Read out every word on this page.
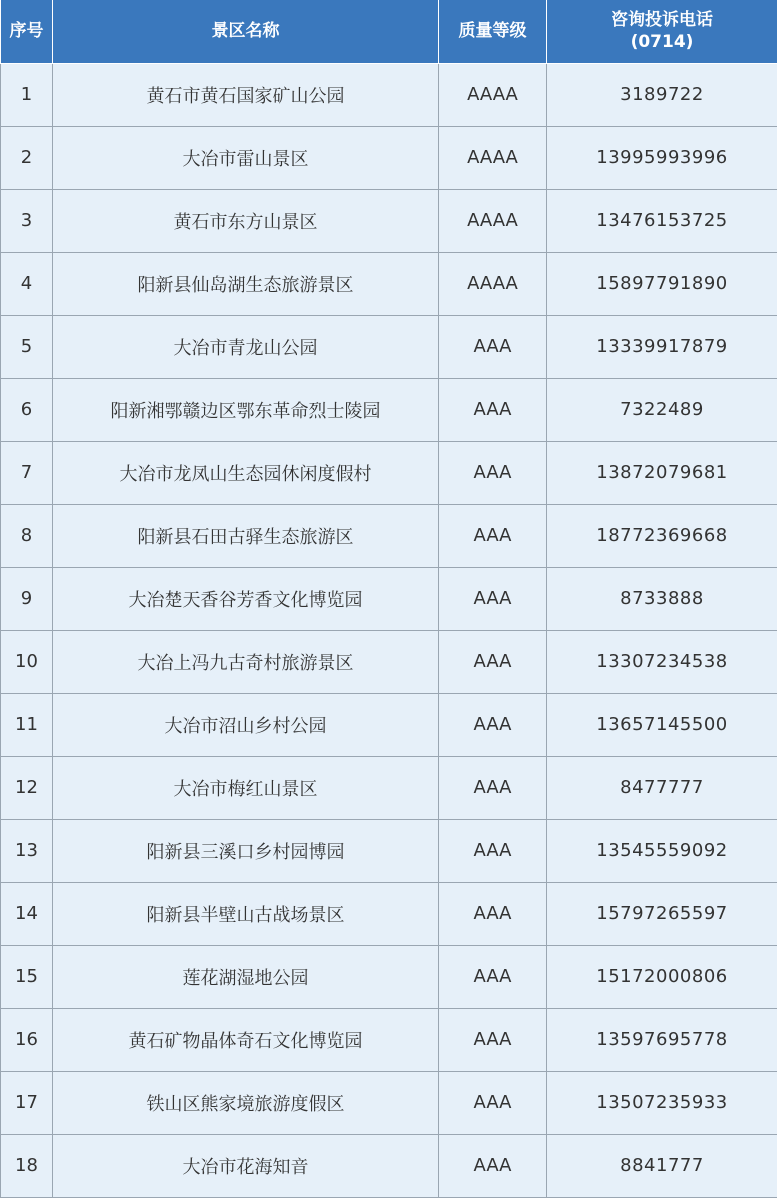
序号	景区名称	质量等级	咨询投诉电话
(0714)

1	黄石市黄石国家矿山公园	AAAA	3189722
2	大冶市雷山景区	AAAA	13995993996
3	黄石市东方山景区	AAAA	13476153725
4	阳新县仙岛湖生态旅游景区	AAAA	15897791890
5	大冶市青龙山公园	AAA	13339917879
6	阳新湘鄂赣边区鄂东革命烈士陵园	AAA	7322489
7	大冶市龙凤山生态园休闲度假村	AAA	13872079681
8	阳新县石田古驿生态旅游区	AAA	18772369668
9	大冶楚天香谷芳香文化博览园	AAA	8733888
10	大冶上冯九古奇村旅游景区	AAA	13307234538
11	大冶市沼山乡村公园	AAA	13657145500
12	大冶市梅红山景区	AAA	8477777
13	阳新县三溪口乡村园博园	AAA	13545559092
14	阳新县半壁山古战场景区	AAA	15797265597
15	莲花湖湿地公园	AAA	15172000806
16	黄石矿物晶体奇石文化博览园	AAA	13597695778
17	铁山区熊家境旅游度假区	AAA	13507235933
18	大冶市花海知音	AAA	8841777
